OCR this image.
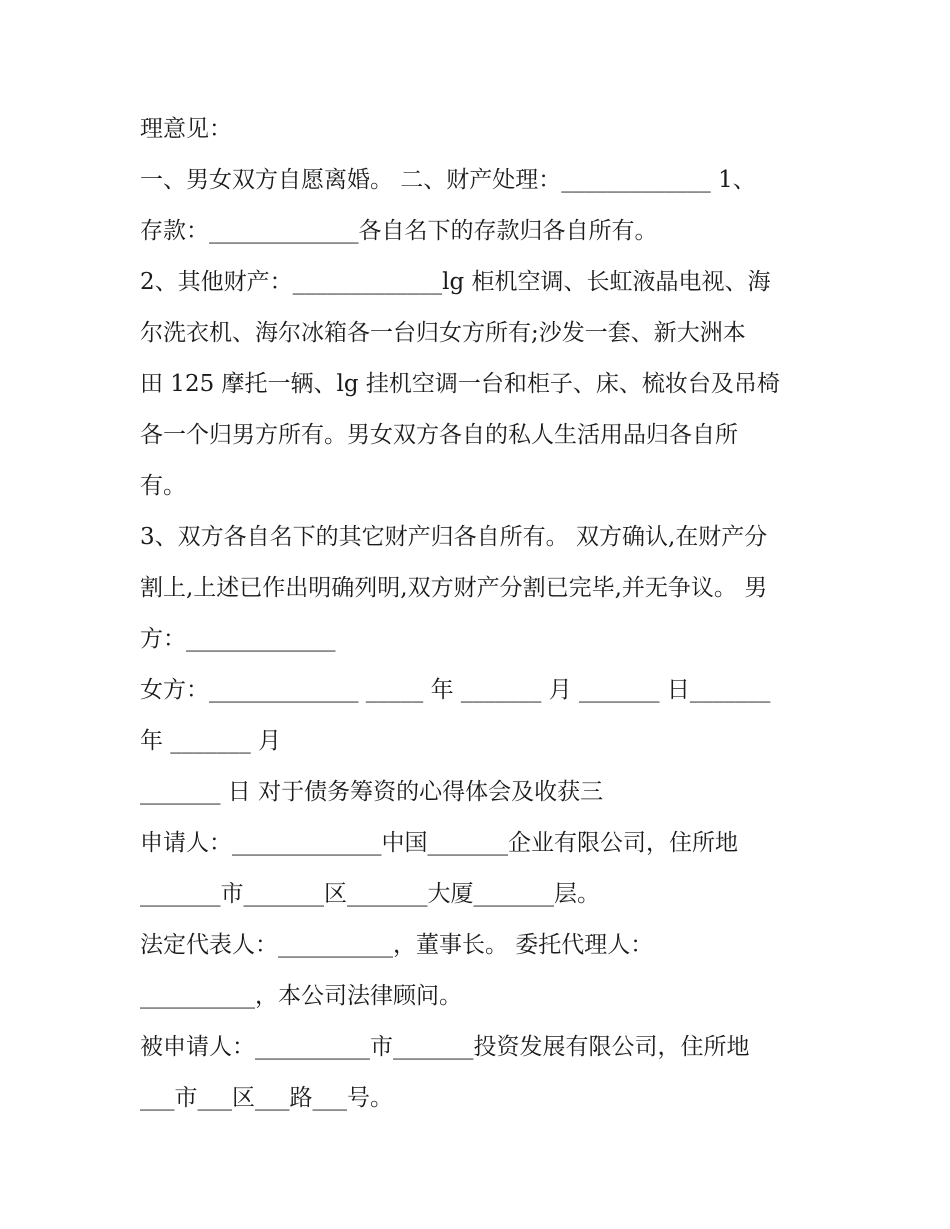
理意见：
一、男女双方自愿离婚。 二、财产处理：_____________ 1、
存款：_____________各自名下的存款归各自所有。
2、其他财产：_____________lg 柜机空调、长虹液晶电视、海
尔洗衣机、海尔冰箱各一台归女方所有;沙发一套、新大洲本
田 125 摩托一辆、lg 挂机空调一台和柜子、床、梳妆台及吊椅
各一个归男方所有。男女双方各自的私人生活用品归各自所
有。
3、双方各自名下的其它财产归各自所有。 双方确认,在财产分
割上,上述已作出明确列明,双方财产分割已完毕,并无争议。 男
方：_____________
女方：_____________ _____ 年 _______ 月 _______ 日_______
年 _______ 月
_______ 日 对于债务筹资的心得体会及收获三
申请人：_____________中国_______企业有限公司，住所地
_______市_______区_______大厦_______层。
法定代表人：__________，董事长。 委托代理人：
__________，本公司法律顾问。
被申请人：__________市_______投资发展有限公司，住所地
___市___区___路___号。
